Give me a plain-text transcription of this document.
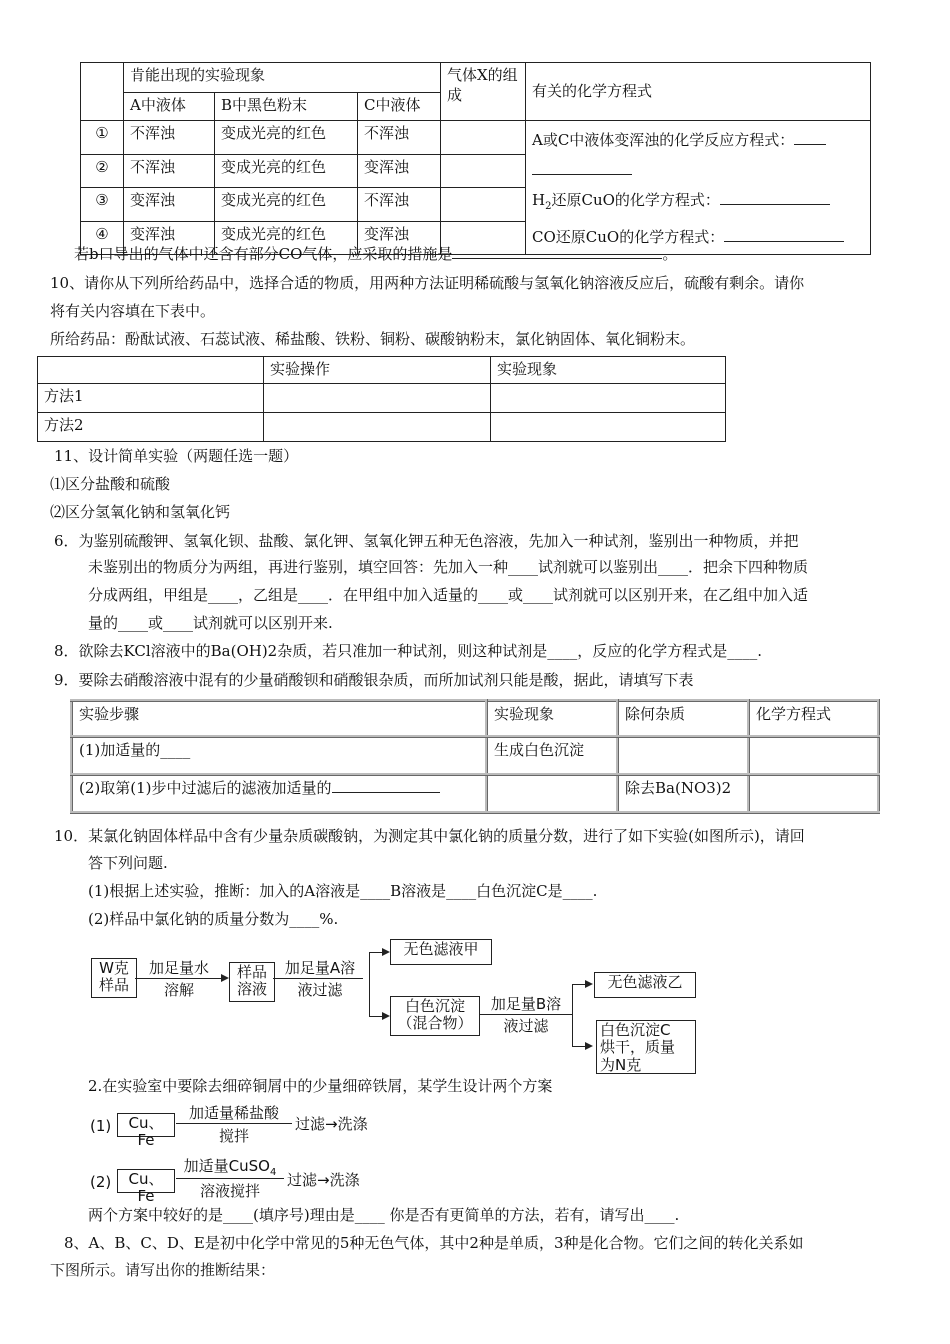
	肯能出现的实验现象			气体X的组成	有关的化学方程式
	A中液体	B中黑色粉末	C中液体		
①	不浑浊	变成光亮的红色	不浑浊		A或C中液体变浑浊的化学反应方程式：
$H_2$还原CuO的化学方程式：
CO还原CuO的化学方程式：

②	不浑浊	变成光亮的红色	变浑浊		
③	变浑浊	变成光亮的红色	不浑浊		
④	变浑浊	变成光亮的红色	变浑浊		
若b口导出的气体中还含有部分CO气体，应采取的措施是	。
10、请你从下列所给药品中，选择合适的物质，用两种方法证明稀硫酸与氢氧化钠溶液反应后，硫酸有剩余。请你
将有关内容填在下表中。
所给药品：酚酞试液、石蕊试液、稀盐酸、铁粉、铜粉、碳酸钠粉末，氯化钠固体、氧化铜粉末。
	实验操作	实验现象
方法1		
方法2		
11、设计简单实验（两题任选一题）
⑴区分盐酸和硫酸
⑵区分氢氧化钠和氢氧化钙
6．为鉴别硫酸钾、氢氧化钡、盐酸、氯化钾、氢氧化钾五种无色溶液，先加入一种试剂，鉴别出一种物质，并把
未鉴别出的物质分为两组，再进行鉴别，填空回答：先加入一种____试剂就可以鉴别出____．把余下四种物质
分成两组，甲组是____，乙组是____．在甲组中加入适量的____或____试剂就可以区别开来，在乙组中加入适
量的____或____试剂就可以区别开来.
8．欲除去KCl溶液中的Ba(OH)2杂质，若只准加一种试剂，则这种试剂是____，反应的化学方程式是____.
9．要除去硝酸溶液中混有的少量硝酸钡和硝酸银杂质，而所加试剂只能是酸，据此，请填写下表
实验步骤	实验现象	除何杂质	化学方程式
(1)加适量的____	生成白色沉淀		
(2)取第(1)步中过滤后的滤液加适量的		除去Ba(NO3)2	
10．某氯化钠固体样品中含有少量杂质碳酸钠，为测定其中氯化钠的质量分数，进行了如下实验(如图所示)，请回
答下列问题.
(1)根据上述实验，推断：加入的A溶液是____B溶液是____白色沉淀C是____.
(2)样品中氯化钠的质量分数为____%.
W克
样品
加足量水
溶解
样品
溶液
加足量A溶
液过滤
无色滤液甲
白色沉淀
（混合物）
加足量B溶
液过滤
无色滤液乙
白色沉淀C
烘干，质量
为N克
2.在实验室中要除去细碎铜屑中的少量细碎铁屑，某学生设计两个方案
(1)	Cu、Fe
加适量稀盐酸
搅拌
过滤→洗涤
(2)	Cu、Fe
加适量CuSO$_4$
溶液搅拌
过滤→洗涤
两个方案中较好的是____(填序号)理由是____ 你是否有更简单的方法，若有，请写出____.
8、A、B、C、D、E是初中化学中常见的5种无色气体，其中2种是单质，3种是化合物。它们之间的转化关系如
下图所示。请写出你的推断结果：
